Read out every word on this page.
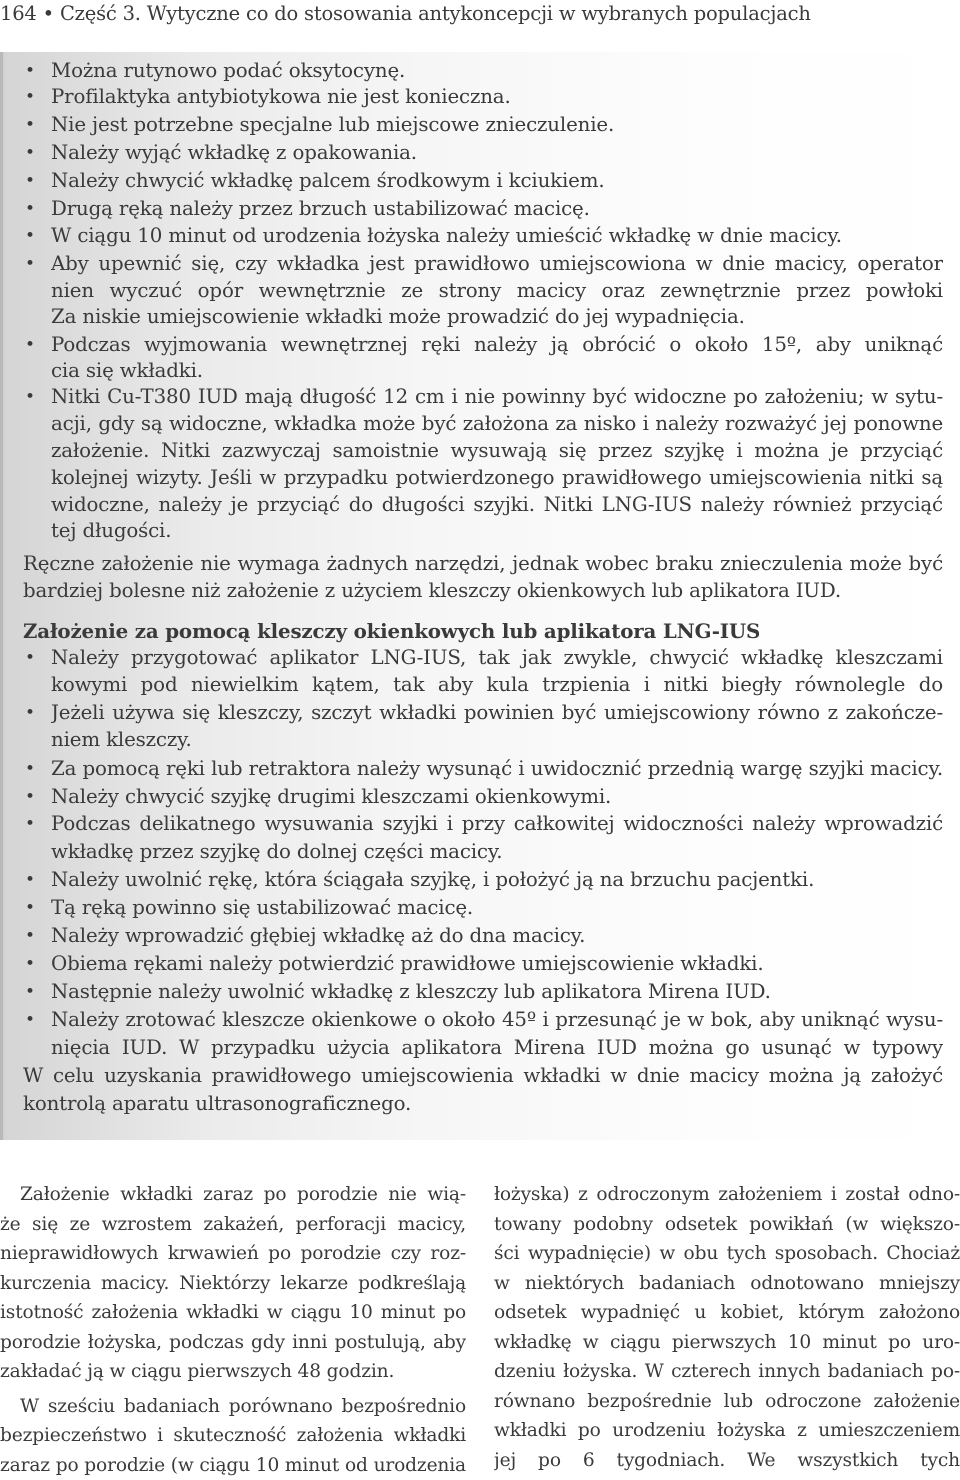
164 • Część 3. Wytyczne co do stosowania antykoncepcji w wybranych populacjach
• Można rutynowo podać oksytocynę.
• Profilaktyka antybiotykowa nie jest konieczna.
• Nie jest potrzebne specjalne lub miejscowe znieczulenie.
• Należy wyjąć wkładkę z opakowania.
• Należy chwycić wkładkę palcem środkowym i kciukiem.
• Drugą ręką należy przez brzuch ustabilizować macicę.
• W ciągu 10 minut od urodzenia łożyska należy umieścić wkładkę w dnie macicy.
• Aby upewnić się, czy wkładka jest prawidłowo umiejscowiona w dnie macicy, operator
nien wyczuć opór wewnętrznie ze strony macicy oraz zewnętrznie przez powłoki
Za niskie umiejscowienie wkładki może prowadzić do jej wypadnięcia.
• Podczas wyjmowania wewnętrznej ręki należy ją obrócić o około 15º, aby uniknąć
cia się wkładki.
• Nitki Cu-T380 IUD mają długość 12 cm i nie powinny być widoczne po założeniu; w sytu-
acji, gdy są widoczne, wkładka może być założona za nisko i należy rozważyć jej ponowne
założenie. Nitki zazwyczaj samoistnie wysuwają się przez szyjkę i można je przyciąć
kolejnej wizyty. Jeśli w przypadku potwierdzonego prawidłowego umiejscowienia nitki są
widoczne, należy je przyciąć do długości szyjki. Nitki LNG-IUS należy również przyciąć
tej długości.
Ręczne założenie nie wymaga żadnych narzędzi, jednak wobec braku znieczulenia może być
bardziej bolesne niż założenie z użyciem kleszczy okienkowych lub aplikatora IUD.
Założenie za pomocą kleszczy okienkowych lub aplikatora LNG-IUS
• Należy przygotować aplikator LNG-IUS, tak jak zwykle, chwycić wkładkę kleszczami
kowymi pod niewielkim kątem, tak aby kula trzpienia i nitki biegły równolegle do
• Jeżeli używa się kleszczy, szczyt wkładki powinien być umiejscowiony równo z zakończe-
niem kleszczy.
• Za pomocą ręki lub retraktora należy wysunąć i uwidocznić przednią wargę szyjki macicy.
• Należy chwycić szyjkę drugimi kleszczami okienkowymi.
• Podczas delikatnego wysuwania szyjki i przy całkowitej widoczności należy wprowadzić
wkładkę przez szyjkę do dolnej części macicy.
• Należy uwolnić rękę, która ściągała szyjkę, i położyć ją na brzuchu pacjentki.
• Tą ręką powinno się ustabilizować macicę.
• Należy wprowadzić głębiej wkładkę aż do dna macicy.
• Obiema rękami należy potwierdzić prawidłowe umiejscowienie wkładki.
• Następnie należy uwolnić wkładkę z kleszczy lub aplikatora Mirena IUD.
• Należy zrotować kleszcze okienkowe o około 45º i przesunąć je w bok, aby uniknąć wysu-
nięcia IUD. W przypadku użycia aplikatora Mirena IUD można go usunąć w typowy
W celu uzyskania prawidłowego umiejscowienia wkładki w dnie macicy można ją założyć
kontrolą aparatu ultrasonograficznego.
Założenie wkładki zaraz po porodzie nie wią-
że się ze wzrostem zakażeń, perforacji macicy,
nieprawidłowych krwawień po porodzie czy roz-
kurczenia macicy. Niektórzy lekarze podkreślają
istotność założenia wkładki w ciągu 10 minut po
porodzie łożyska, podczas gdy inni postulują, aby
zakładać ją w ciągu pierwszych 48 godzin.
W sześciu badaniach porównano bezpośrednio
bezpieczeństwo i skuteczność założenia wkładki
zaraz po porodzie (w ciągu 10 minut od urodzenia
łożyska) z odroczonym założeniem i został odno-
towany podobny odsetek powikłań (w większo-
ści wypadnięcie) w obu tych sposobach. Chociaż
w niektórych badaniach odnotowano mniejszy
odsetek wypadnięć u kobiet, którym założono
wkładkę w ciągu pierwszych 10 minut po uro-
dzeniu łożyska. W czterech innych badaniach po-
równano bezpośrednie lub odroczone założenie
wkładki po urodzeniu łożyska z umieszczeniem
jej po 6 tygodniach. We wszystkich tych
